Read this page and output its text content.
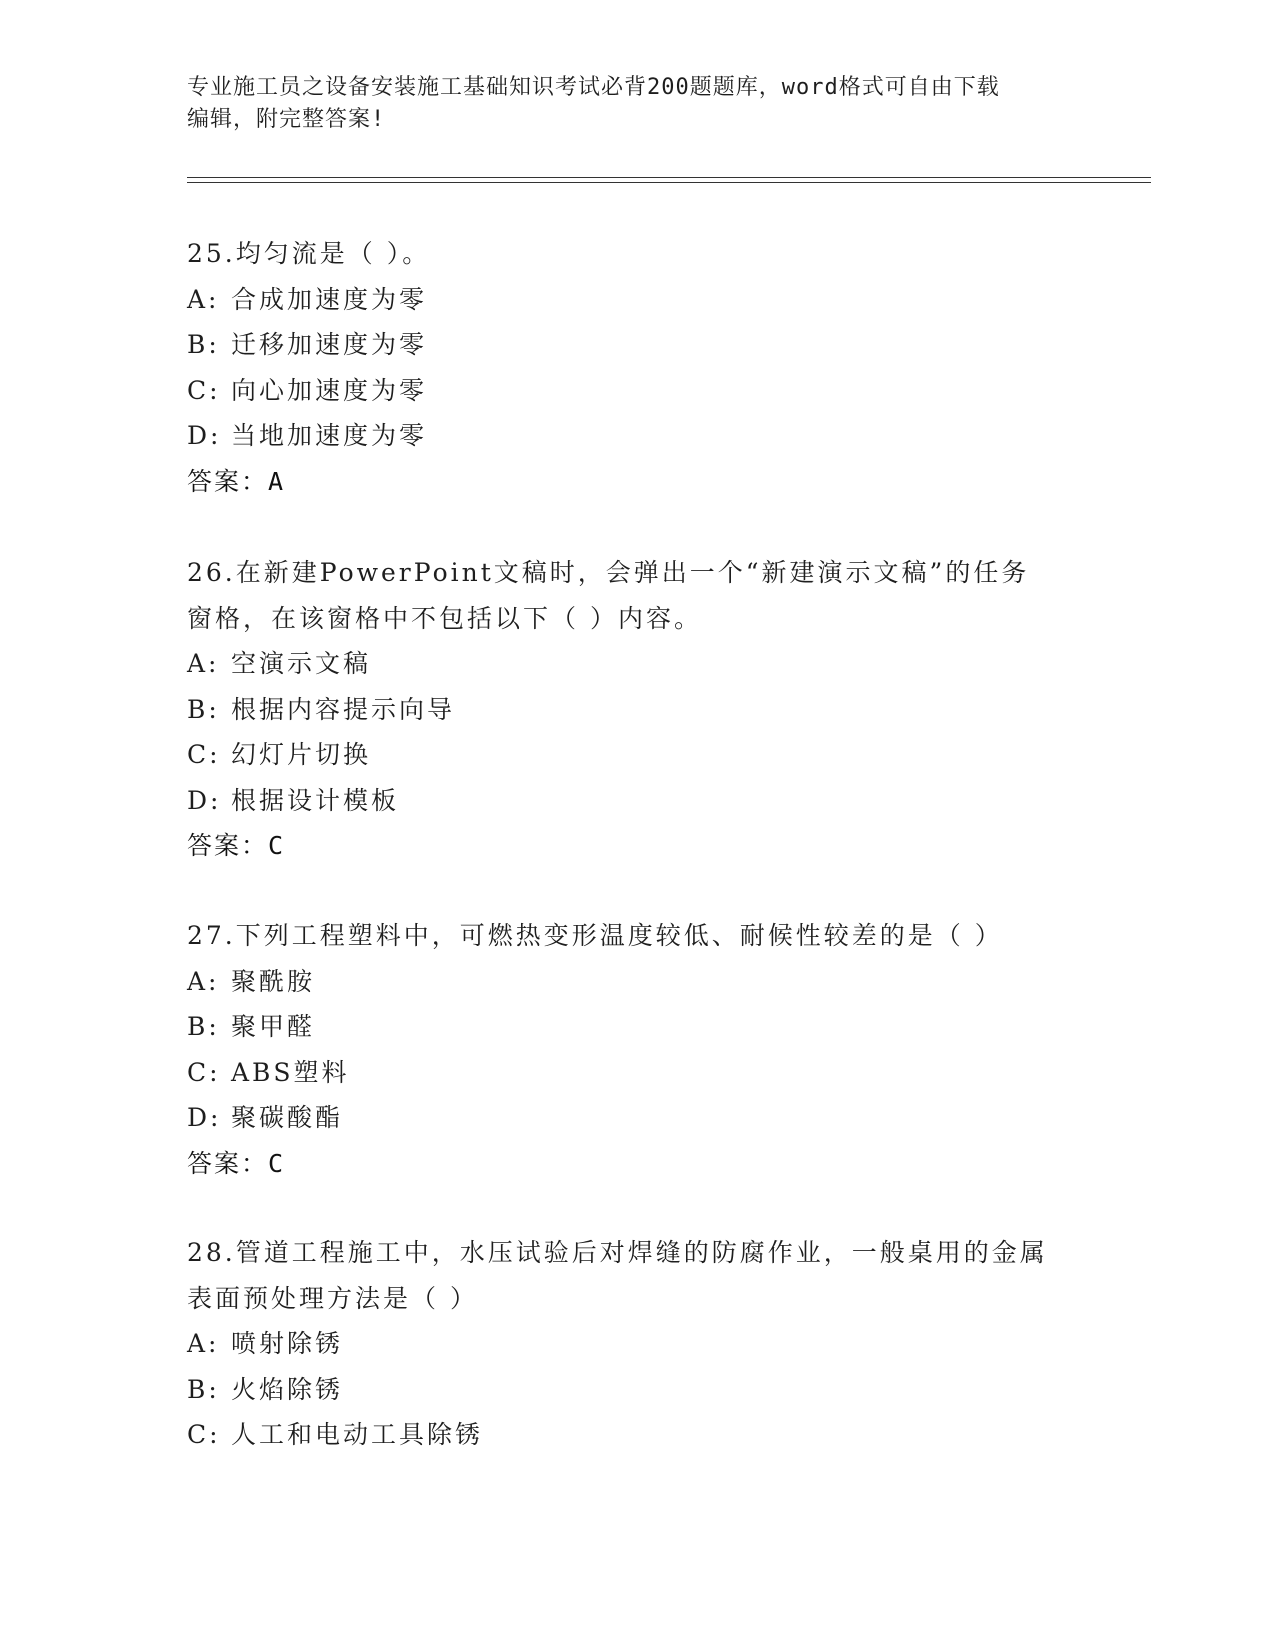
专业施工员之设备安装施工基础知识考试必背200题题库，word格式可自由下载
编辑，附完整答案!

25.均匀流是（ ）。

A: 合成加速度为零

B: 迁移加速度为零

C: 向心加速度为零

D: 当地加速度为零

答案：A

26.在新建PowerPoint文稿时，会弹出一个“新建演示文稿”的任务

窗格，在该窗格中不包括以下（ ）内容。

A: 空演示文稿

B: 根据内容提示向导

C: 幻灯片切换

D: 根据设计模板

答案：C

27.下列工程塑料中，可燃热变形温度较低、耐候性较差的是（ ）

A: 聚酰胺

B: 聚甲醛

C: ABS塑料

D: 聚碳酸酯

答案：C

28.管道工程施工中，水压试验后对焊缝的防腐作业，一般桌用的金属

表面预处理方法是（ ）

A: 喷射除锈

B: 火焰除锈

C: 人工和电动工具除锈
